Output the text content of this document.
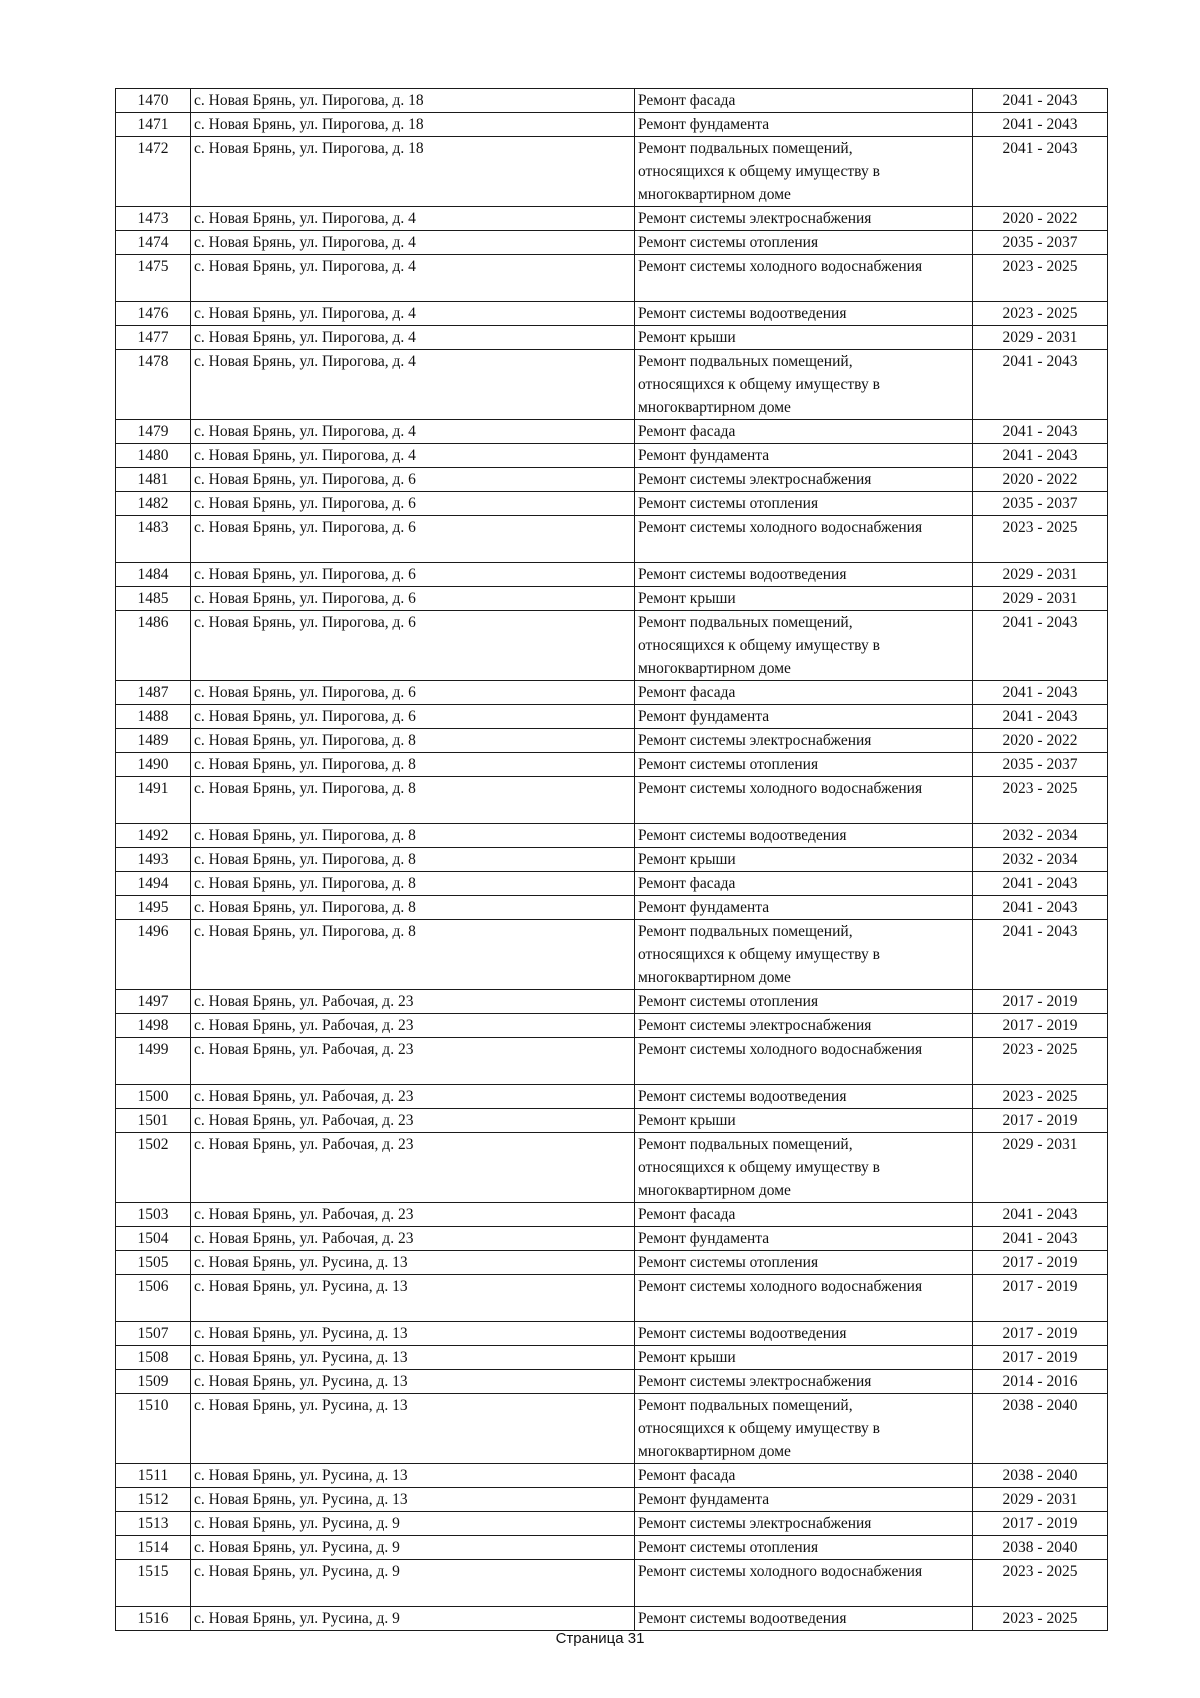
1470	с. Новая Брянь, ул. Пирогова, д. 18	Ремонт фасада	2041 - 2043
1471	с. Новая Брянь, ул. Пирогова, д. 18	Ремонт фундамента	2041 - 2043
1472	с. Новая Брянь, ул. Пирогова, д. 18	Ремонт подвальных помещений,
относящихся к общему имуществу в
многоквартирном доме	2041 - 2043
1473	с. Новая Брянь, ул. Пирогова, д. 4	Ремонт системы электроснабжения	2020 - 2022
1474	с. Новая Брянь, ул. Пирогова, д. 4	Ремонт системы отопления	2035 - 2037
1475	с. Новая Брянь, ул. Пирогова, д. 4	Ремонт системы холодного водоснабжения	2023 - 2025
1476	с. Новая Брянь, ул. Пирогова, д. 4	Ремонт системы водоотведения	2023 - 2025
1477	с. Новая Брянь, ул. Пирогова, д. 4	Ремонт крыши	2029 - 2031
1478	с. Новая Брянь, ул. Пирогова, д. 4	Ремонт подвальных помещений,
относящихся к общему имуществу в
многоквартирном доме	2041 - 2043
1479	с. Новая Брянь, ул. Пирогова, д. 4	Ремонт фасада	2041 - 2043
1480	с. Новая Брянь, ул. Пирогова, д. 4	Ремонт фундамента	2041 - 2043
1481	с. Новая Брянь, ул. Пирогова, д. 6	Ремонт системы электроснабжения	2020 - 2022
1482	с. Новая Брянь, ул. Пирогова, д. 6	Ремонт системы отопления	2035 - 2037
1483	с. Новая Брянь, ул. Пирогова, д. 6	Ремонт системы холодного водоснабжения	2023 - 2025
1484	с. Новая Брянь, ул. Пирогова, д. 6	Ремонт системы водоотведения	2029 - 2031
1485	с. Новая Брянь, ул. Пирогова, д. 6	Ремонт крыши	2029 - 2031
1486	с. Новая Брянь, ул. Пирогова, д. 6	Ремонт подвальных помещений,
относящихся к общему имуществу в
многоквартирном доме	2041 - 2043
1487	с. Новая Брянь, ул. Пирогова, д. 6	Ремонт фасада	2041 - 2043
1488	с. Новая Брянь, ул. Пирогова, д. 6	Ремонт фундамента	2041 - 2043
1489	с. Новая Брянь, ул. Пирогова, д. 8	Ремонт системы электроснабжения	2020 - 2022
1490	с. Новая Брянь, ул. Пирогова, д. 8	Ремонт системы отопления	2035 - 2037
1491	с. Новая Брянь, ул. Пирогова, д. 8	Ремонт системы холодного водоснабжения	2023 - 2025
1492	с. Новая Брянь, ул. Пирогова, д. 8	Ремонт системы водоотведения	2032 - 2034
1493	с. Новая Брянь, ул. Пирогова, д. 8	Ремонт крыши	2032 - 2034
1494	с. Новая Брянь, ул. Пирогова, д. 8	Ремонт фасада	2041 - 2043
1495	с. Новая Брянь, ул. Пирогова, д. 8	Ремонт фундамента	2041 - 2043
1496	с. Новая Брянь, ул. Пирогова, д. 8	Ремонт подвальных помещений,
относящихся к общему имуществу в
многоквартирном доме	2041 - 2043
1497	с. Новая Брянь, ул. Рабочая, д. 23	Ремонт системы отопления	2017 - 2019
1498	с. Новая Брянь, ул. Рабочая, д. 23	Ремонт системы электроснабжения	2017 - 2019
1499	с. Новая Брянь, ул. Рабочая, д. 23	Ремонт системы холодного водоснабжения	2023 - 2025
1500	с. Новая Брянь, ул. Рабочая, д. 23	Ремонт системы водоотведения	2023 - 2025
1501	с. Новая Брянь, ул. Рабочая, д. 23	Ремонт крыши	2017 - 2019
1502	с. Новая Брянь, ул. Рабочая, д. 23	Ремонт подвальных помещений,
относящихся к общему имуществу в
многоквартирном доме	2029 - 2031
1503	с. Новая Брянь, ул. Рабочая, д. 23	Ремонт фасада	2041 - 2043
1504	с. Новая Брянь, ул. Рабочая, д. 23	Ремонт фундамента	2041 - 2043
1505	с. Новая Брянь, ул. Русина, д. 13	Ремонт системы отопления	2017 - 2019
1506	с. Новая Брянь, ул. Русина, д. 13	Ремонт системы холодного водоснабжения	2017 - 2019
1507	с. Новая Брянь, ул. Русина, д. 13	Ремонт системы водоотведения	2017 - 2019
1508	с. Новая Брянь, ул. Русина, д. 13	Ремонт крыши	2017 - 2019
1509	с. Новая Брянь, ул. Русина, д. 13	Ремонт системы электроснабжения	2014 - 2016
1510	с. Новая Брянь, ул. Русина, д. 13	Ремонт подвальных помещений,
относящихся к общему имуществу в
многоквартирном доме	2038 - 2040
1511	с. Новая Брянь, ул. Русина, д. 13	Ремонт фасада	2038 - 2040
1512	с. Новая Брянь, ул. Русина, д. 13	Ремонт фундамента	2029 - 2031
1513	с. Новая Брянь, ул. Русина, д. 9	Ремонт системы электроснабжения	2017 - 2019
1514	с. Новая Брянь, ул. Русина, д. 9	Ремонт системы отопления	2038 - 2040
1515	с. Новая Брянь, ул. Русина, д. 9	Ремонт системы холодного водоснабжения	2023 - 2025
1516	с. Новая Брянь, ул. Русина, д. 9	Ремонт системы водоотведения	2023 - 2025
Страница 31
